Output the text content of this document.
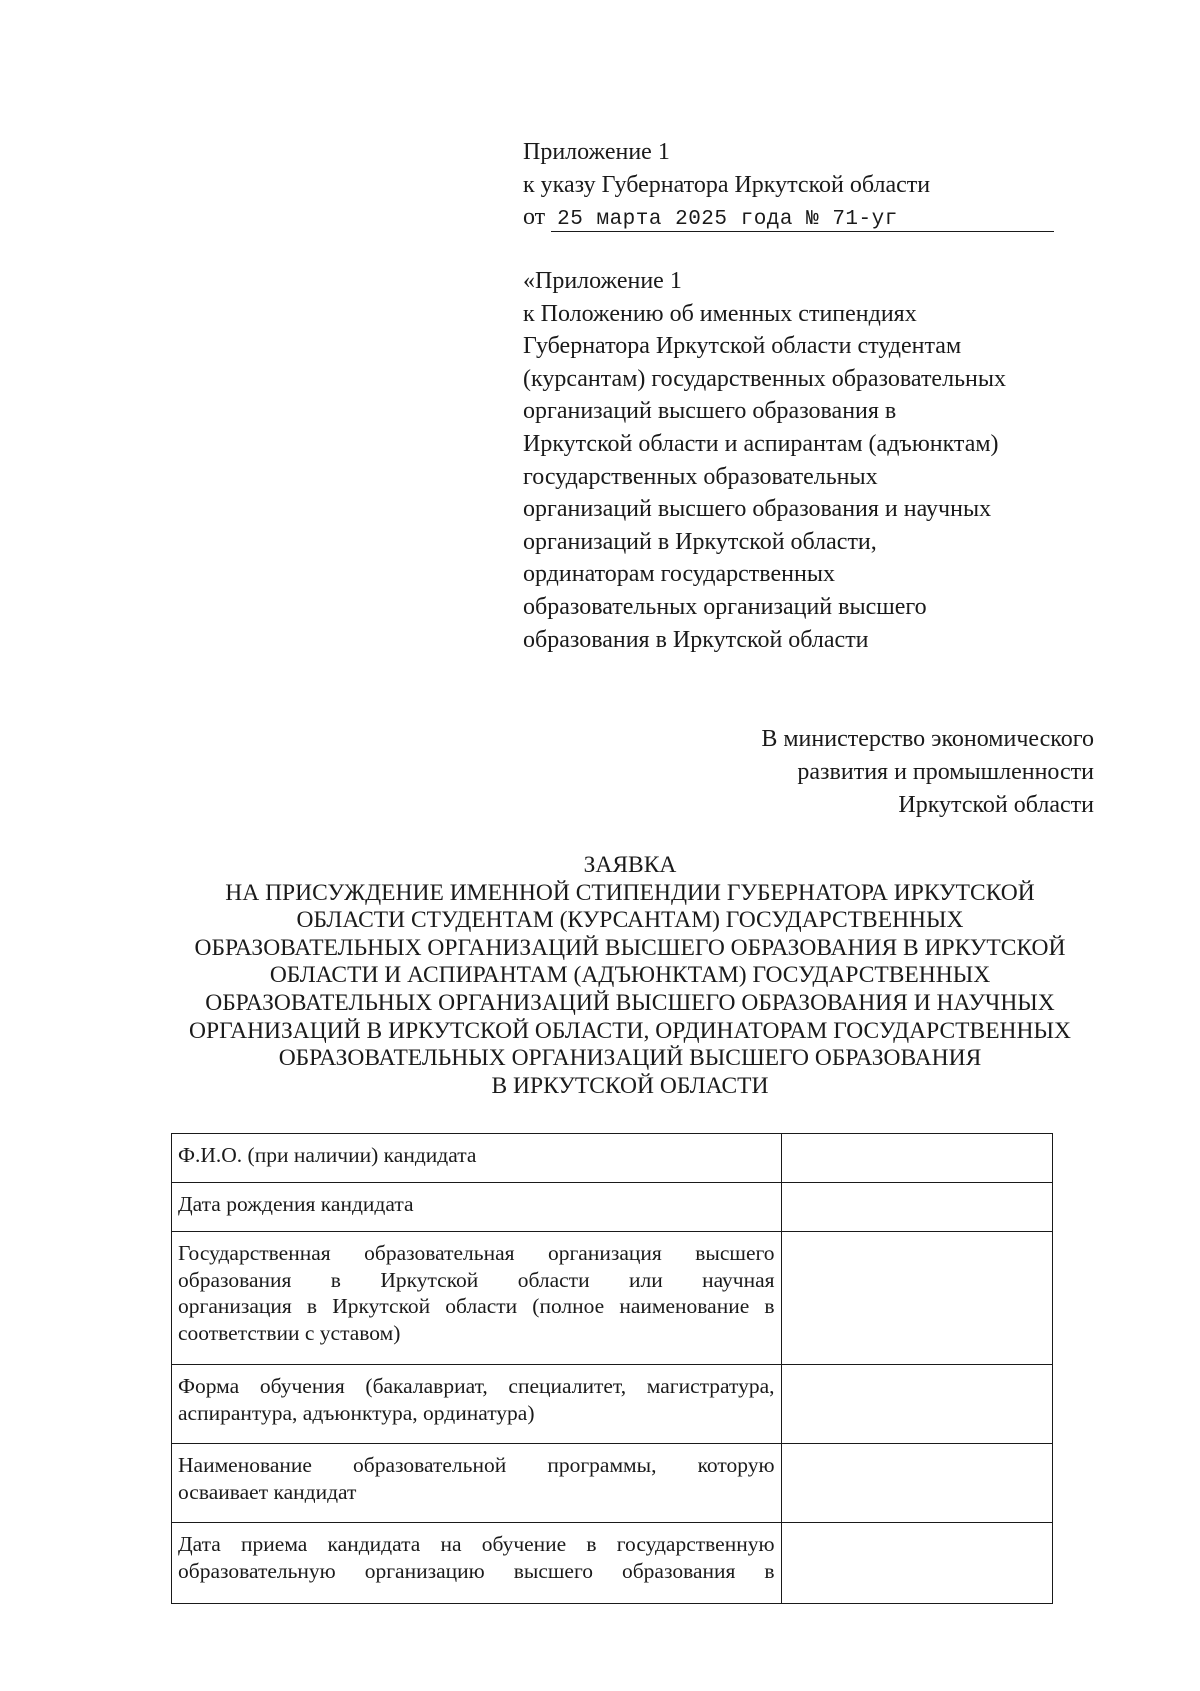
Приложение 1
к указу Губернатора Иркутской области
от 25 марта 2025 года № 71-уг
«Приложение 1
к Положению об именных стипендиях
Губернатора Иркутской области студентам
(курсантам) государственных образовательных
организаций высшего образования в
Иркутской области и аспирантам (адъюнктам)
государственных образовательных
организаций высшего образования и научных
организаций в Иркутской области,
ординаторам государственных
образовательных организаций высшего
образования в Иркутской области
В министерство экономического
развития и промышленности
Иркутской области
ЗАЯВКА
НА ПРИСУЖДЕНИЕ ИМЕННОЙ СТИПЕНДИИ ГУБЕРНАТОРА ИРКУТСКОЙ
ОБЛАСТИ СТУДЕНТАМ (КУРСАНТАМ) ГОСУДАРСТВЕННЫХ
ОБРАЗОВАТЕЛЬНЫХ ОРГАНИЗАЦИЙ ВЫСШЕГО ОБРАЗОВАНИЯ В ИРКУТСКОЙ
ОБЛАСТИ И АСПИРАНТАМ (АДЪЮНКТАМ) ГОСУДАРСТВЕННЫХ
ОБРАЗОВАТЕЛЬНЫХ ОРГАНИЗАЦИЙ ВЫСШЕГО ОБРАЗОВАНИЯ И НАУЧНЫХ
ОРГАНИЗАЦИЙ В ИРКУТСКОЙ ОБЛАСТИ, ОРДИНАТОРАМ ГОСУДАРСТВЕННЫХ
ОБРАЗОВАТЕЛЬНЫХ ОРГАНИЗАЦИЙ ВЫСШЕГО ОБРАЗОВАНИЯ
В ИРКУТСКОЙ ОБЛАСТИ
Ф.И.О. (при наличии) кандидата	

Дата рождения кандидата	

Государственная образовательная организация высшего
образования в Иркутской области или научная
организация в Иркутской области (полное наименование в
соответствии с уставом)	

Форма обучения (бакалавриат, специалитет, магистратура,
аспирантура, адъюнктура, ординатура)	

Наименование образовательной программы, которую
осваивает кандидат	

Дата приема кандидата на обучение в государственную
образовательную организацию высшего образования в	
